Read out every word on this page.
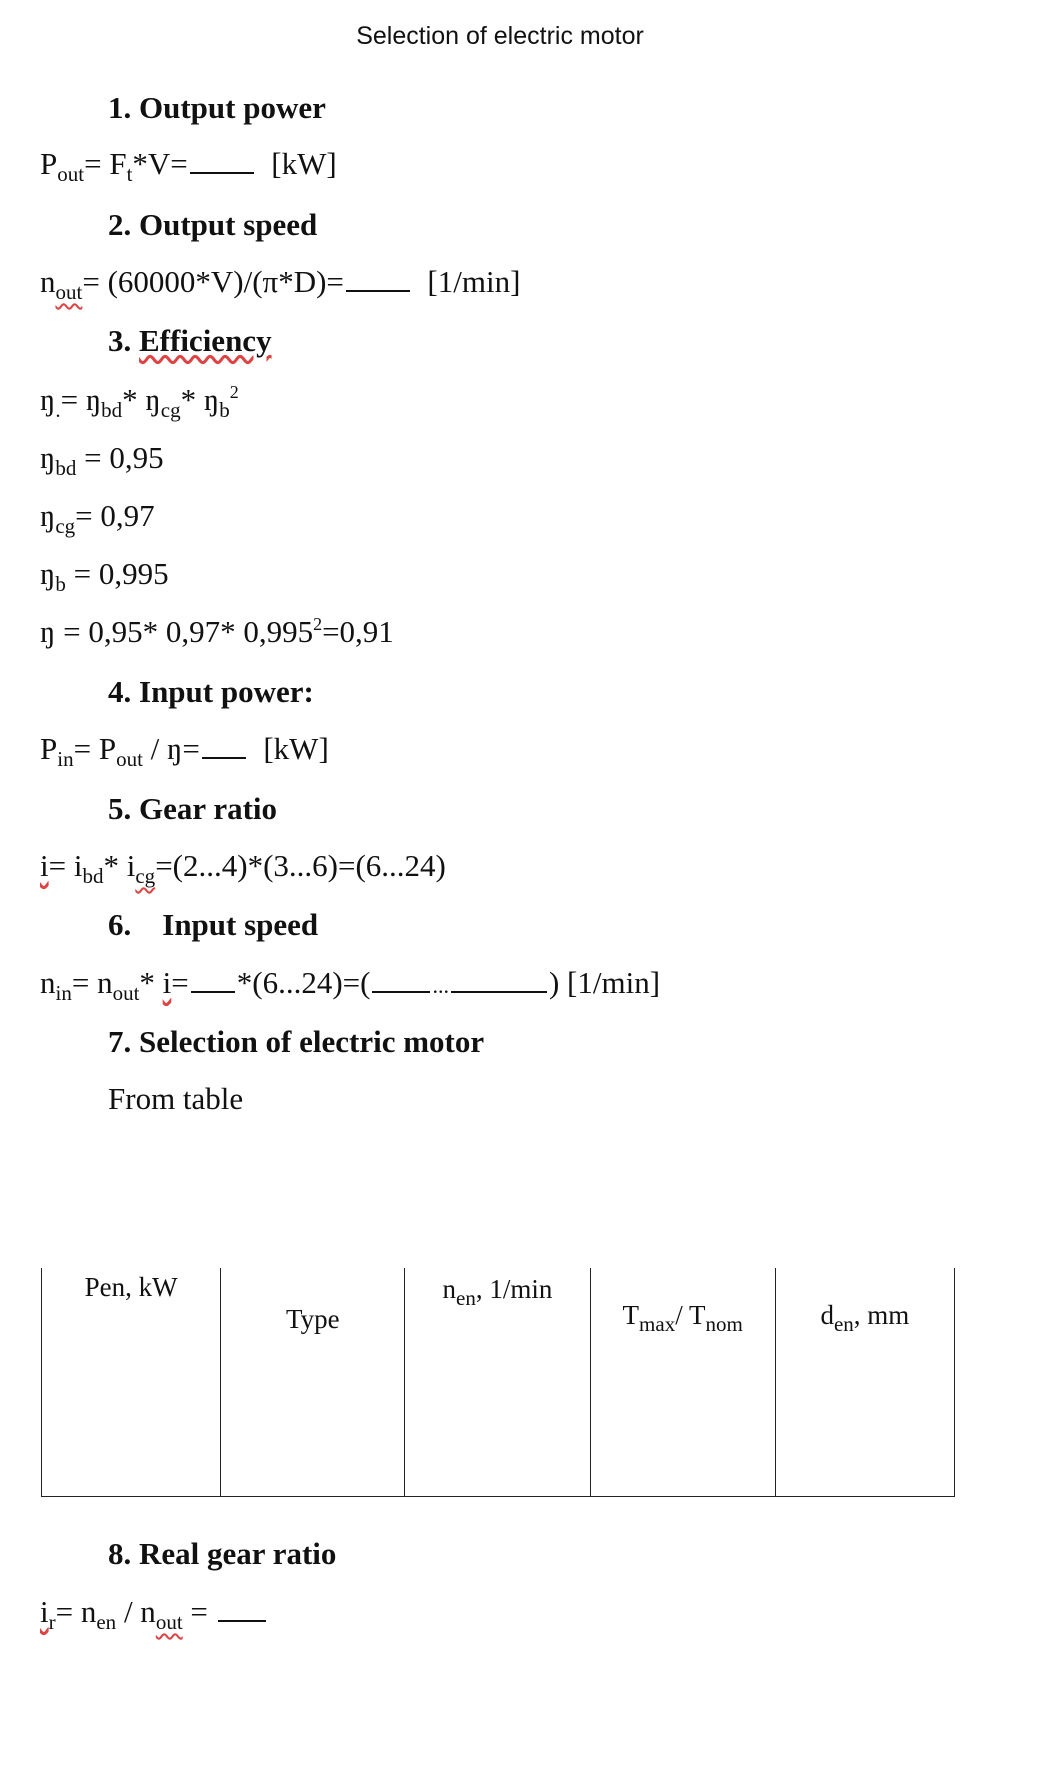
Selection of electric motor
1. Output power
$P_{out}= F_t*V=$	[kW]
2. Output speed
$n_{out}= (60000*V)/(\pi*D)=$	[1/min]
3. Efficiency
$ŋ_.=$ $ŋ_{bd}*$ $ŋ_{cg}*$ $ŋ_b^2$
$ŋ_{bd} = 0,95$
$ŋ_{cg}= 0,97$
$ŋ_b = 0,995$
ŋ = 0,95* 0,97* $0,995^2=0,91$
4. Input power:
$P_{in}= P_{out}$ / ŋ= [kW]
5. Gear ratio
$i= i_{bd}*$ $i_{cg}=(2...4)*(3...6)=(6...24)$
6. Input speed
$n_{in}= n_{out}*$ i= *(6...24)=(	...	) [1/min]
7. Selection of electric motor
From table
Pen, kW	Type	$n_{en}$, 1/min	$T_{max}/$ $T_{nom}$	$d_{en}$, mm

8. Real gear ratio
$i_r= n_{en} / n_{out}$ =
